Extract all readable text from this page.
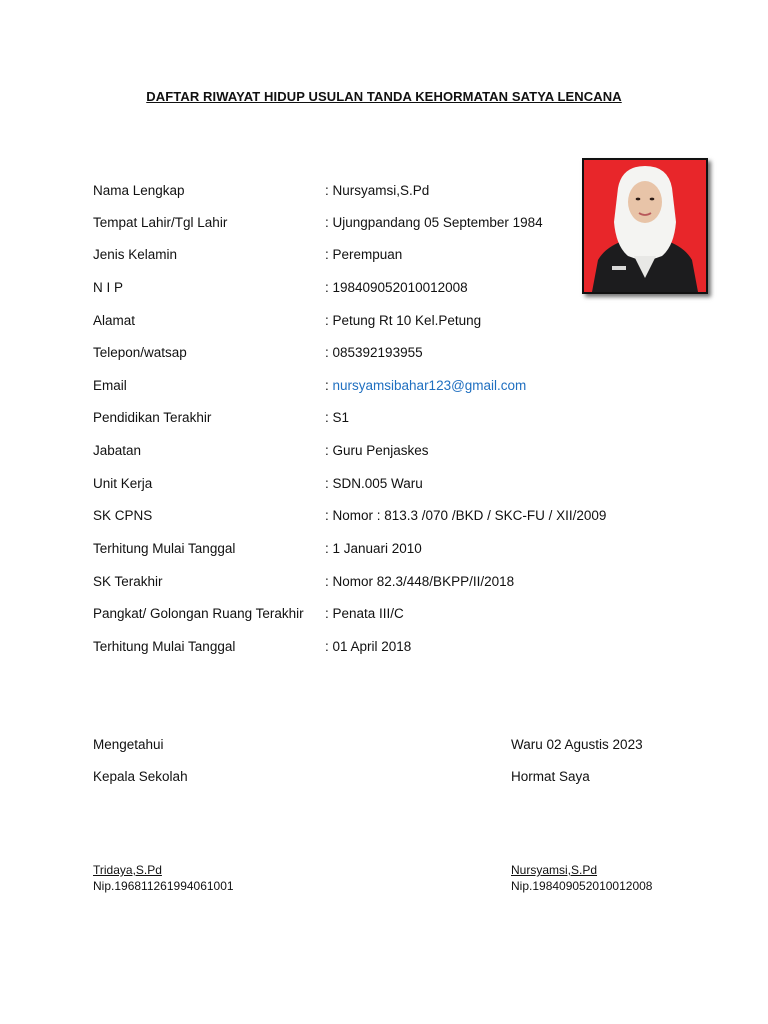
DAFTAR RIWAYAT HIDUP USULAN TANDA KEHORMATAN SATYA LENCANA
Nama Lengkap	: Nursyamsi,S.Pd
Tempat Lahir/Tgl Lahir	: Ujungpandang 05 September 1984
Jenis Kelamin	: Perempuan
N I P	: 198409052010012008
Alamat	: Petung Rt 10 Kel.Petung
Telepon/watsap	: 085392193955
Email	: nursyamsibahar123@gmail.com
Pendidikan Terakhir	: S1
Jabatan	: Guru Penjaskes
Unit Kerja	: SDN.005 Waru
SK CPNS	: Nomor : 813.3 /070 /BKD / SKC-FU / XII/2009
Terhitung Mulai Tanggal	: 1 Januari 2010
SK Terakhir	: Nomor 82.3/448/BKPP/II/2018
Pangkat/ Golongan Ruang Terakhir : Penata III/C
Terhitung Mulai Tanggal	: 01 April 2018
Mengetahui
Kepala Sekolah
Tridaya,S.Pd
Nip.196811261994061001
Waru 02 Agustis 2023
Hormat Saya
Nursyamsi,S.Pd
Nip.198409052010012008
